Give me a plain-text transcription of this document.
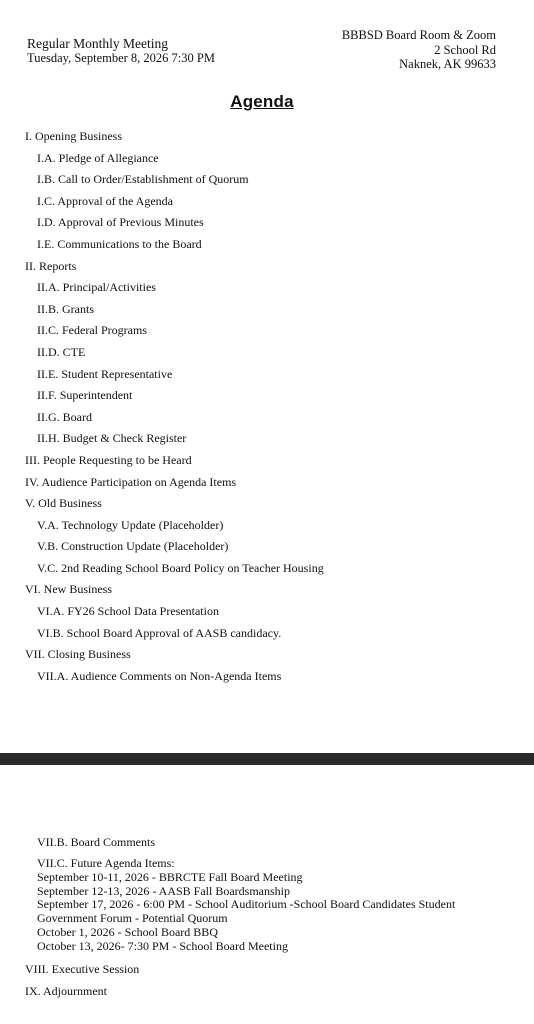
Regular Monthly Meeting
Tuesday, September 8, 2026 7:30 PM
BBBSD Board Room & Zoom
2 School Rd
Naknek, AK 99633
Agenda
I. Opening Business
I.A. Pledge of Allegiance
I.B. Call to Order/Establishment of Quorum
I.C. Approval of the Agenda
I.D. Approval of Previous Minutes
I.E. Communications to the Board
II. Reports
II.A. Principal/Activities
II.B. Grants
II.C. Federal Programs
II.D. CTE
II.E. Student Representative
II.F. Superintendent
II.G. Board
II.H. Budget & Check Register
III. People Requesting to be Heard
IV. Audience Participation on Agenda Items
V. Old Business
V.A. Technology Update (Placeholder)
V.B. Construction Update (Placeholder)
V.C. 2nd Reading School Board Policy on Teacher Housing
VI. New Business
VI.A. FY26 School Data Presentation
VI.B. School Board Approval of AASB candidacy.
VII. Closing Business
VII.A. Audience Comments on Non-Agenda Items
VII.B. Board Comments
VII.C. Future Agenda Items:
September 10-11, 2026 - BBRCTE Fall Board Meeting
September 12-13, 2026 - AASB Fall Boardsmanship
September 17, 2026 - 6:00 PM - School Auditorium -School Board Candidates Student
Government Forum - Potential Quorum
October 1, 2026 - School Board BBQ
October 13, 2026- 7:30 PM - School Board Meeting
VIII. Executive Session
IX. Adjournment
